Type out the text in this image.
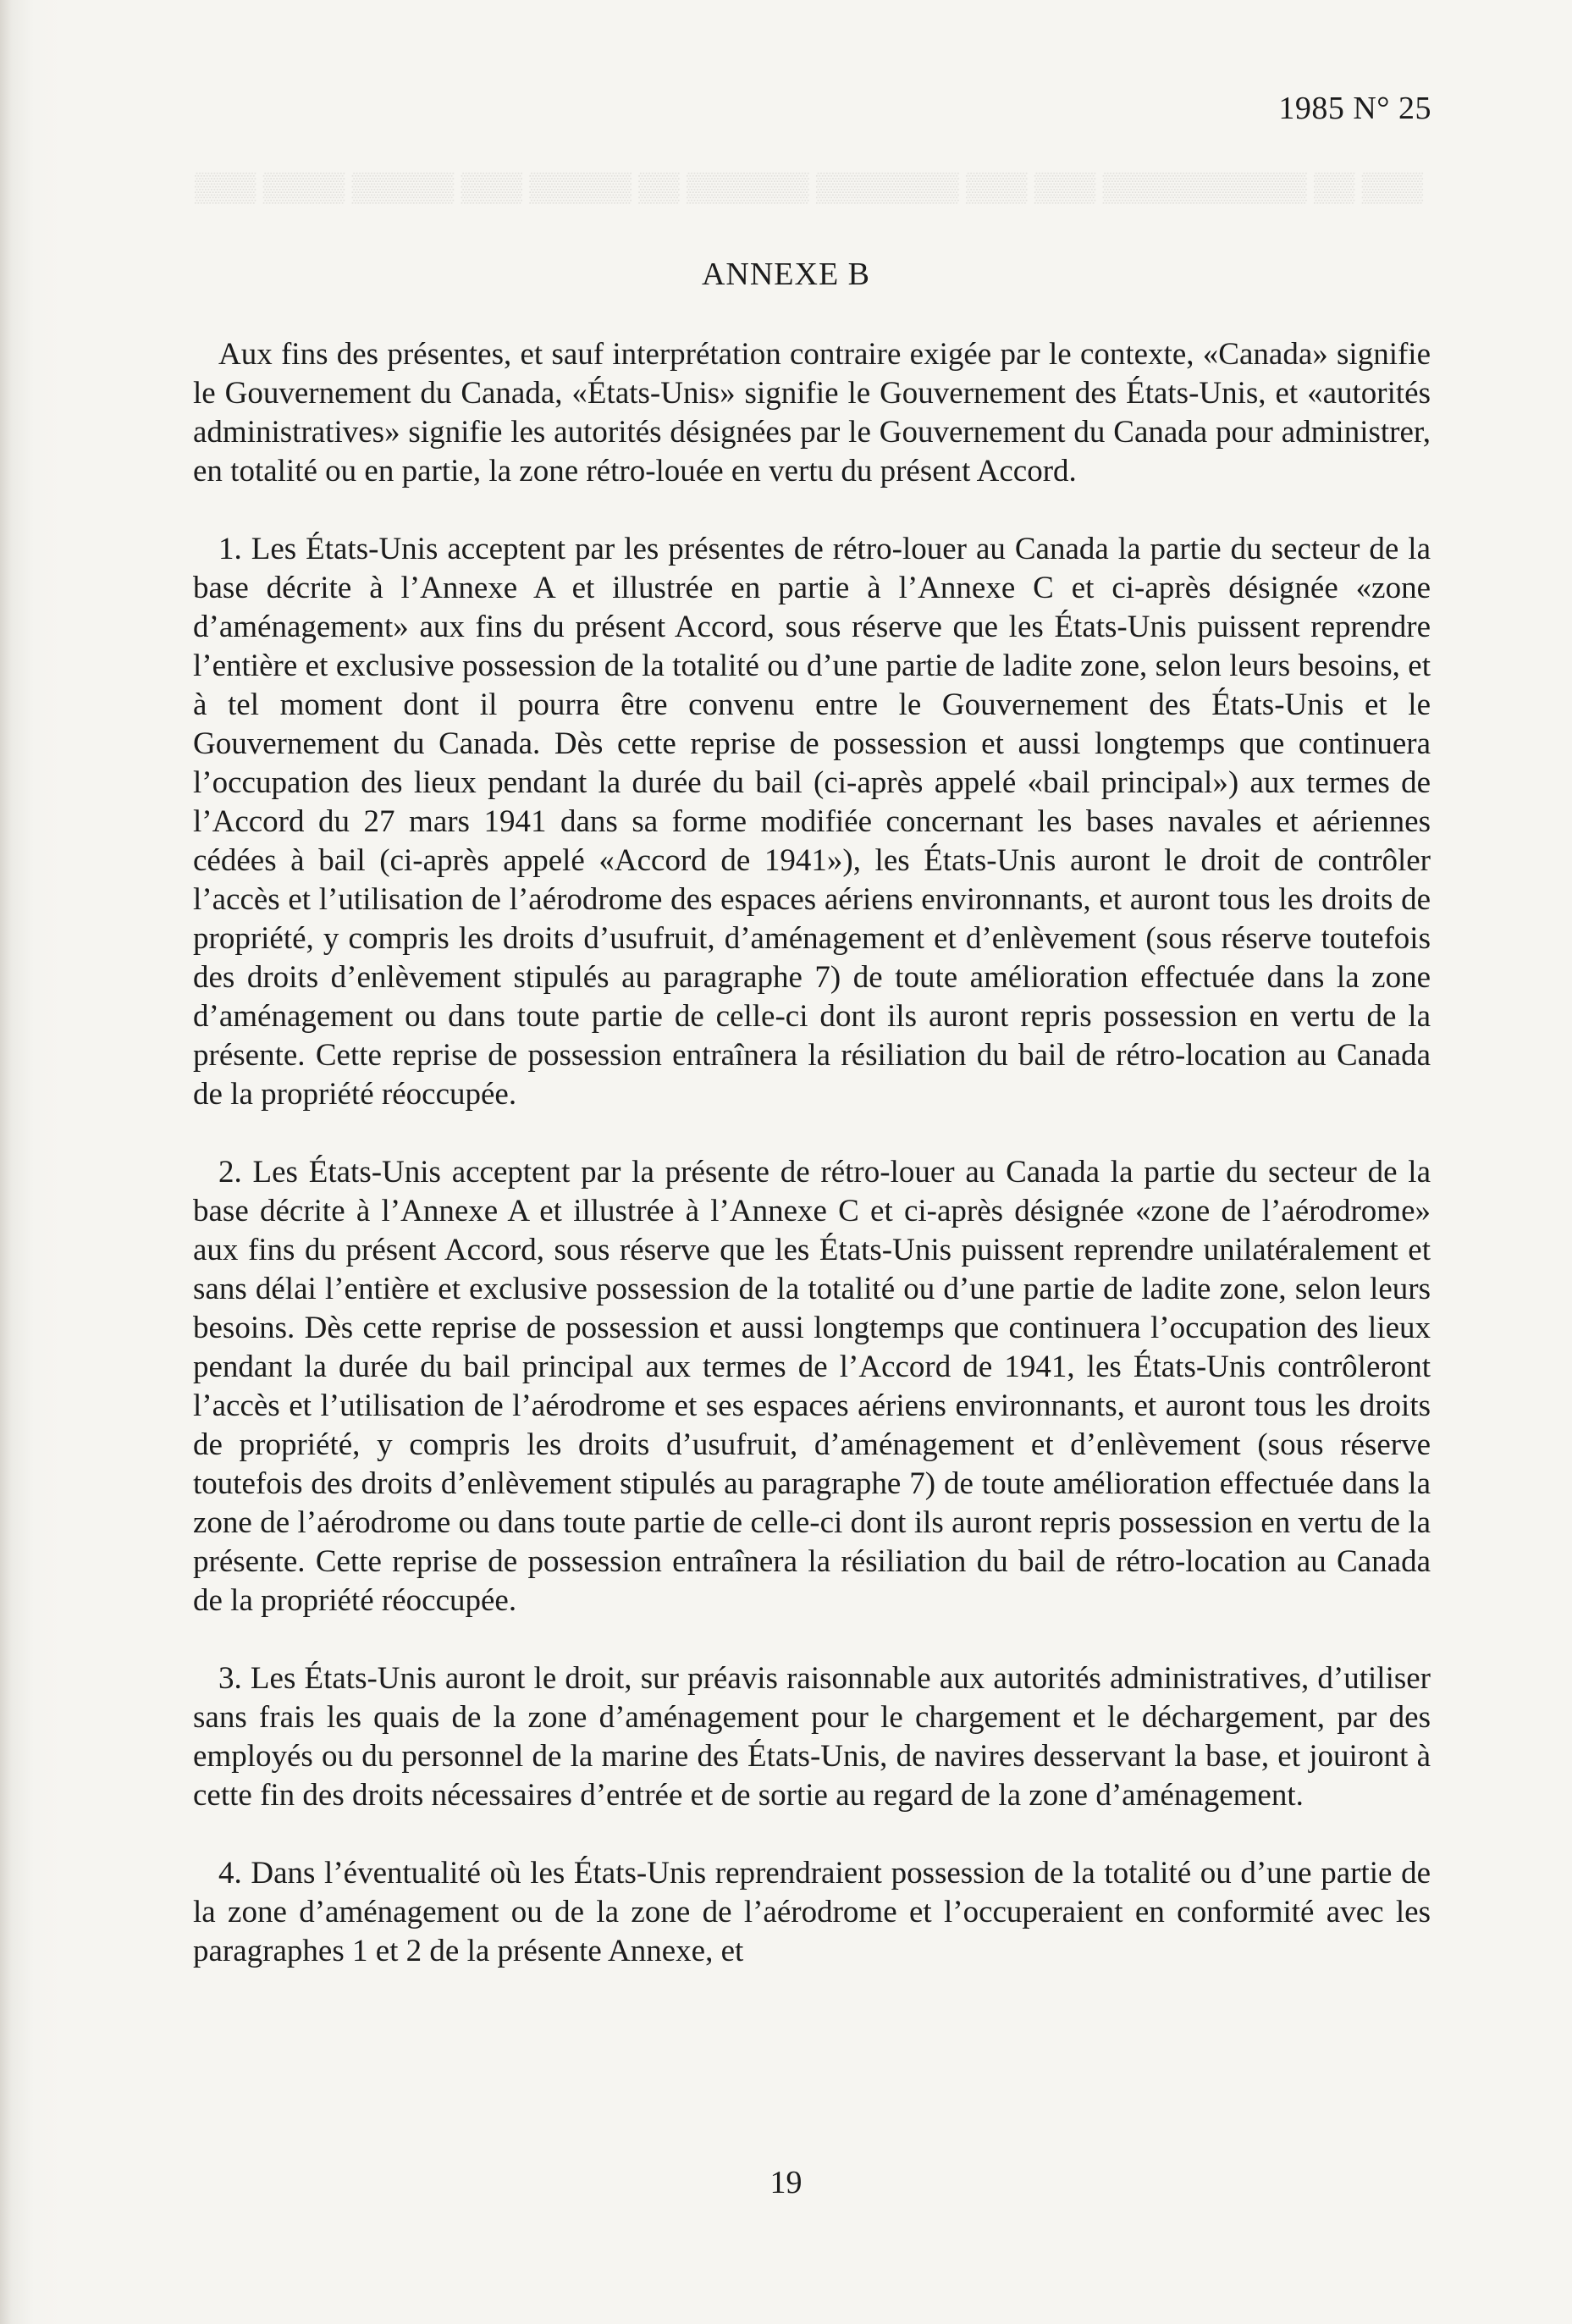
▒▒▒ ▒▒▒▒ ▒▒▒▒▒ ▒▒▒ ▒▒▒▒▒ ▒▒ ▒▒▒▒▒▒ ▒▒▒▒▒▒▒ ▒▒▒ ▒▒▒ ▒▒▒▒▒▒▒▒▒▒ ▒▒ ▒▒▒
1985 N° 25
ANNEXE B

Aux fins des présentes, et sauf interprétation contraire exigée par le contexte, «Canada» signifie le Gouvernement du Canada, «États-Unis» signifie le Gouvernement des États-Unis, et «autorités administratives» signifie les autorités désignées par le Gouvernement du Canada pour administrer, en totalité ou en partie, la zone rétro-louée en vertu du présent Accord.

1. Les États-Unis acceptent par les présentes de rétro-louer au Canada la partie du secteur de la base décrite à l’Annexe A et illustrée en partie à l’Annexe C et ci-après désignée «zone d’aménagement» aux fins du présent Accord, sous réserve que les États-Unis puissent reprendre l’entière et exclusive possession de la totalité ou d’une partie de ladite zone, selon leurs besoins, et à tel moment dont il pourra être convenu entre le Gouvernement des États-Unis et le Gouvernement du Canada. Dès cette reprise de possession et aussi longtemps que continuera l’occupation des lieux pendant la durée du bail (ci-après appelé «bail principal») aux termes de l’Accord du 27 mars 1941 dans sa forme modifiée concernant les bases navales et aériennes cédées à bail (ci-après appelé «Accord de 1941»), les États-Unis auront le droit de contrôler l’accès et l’utilisation de l’aérodrome des espaces aériens environnants, et auront tous les droits de propriété, y compris les droits d’usufruit, d’aménagement et d’enlèvement (sous réserve toutefois des droits d’enlèvement stipulés au paragraphe 7) de toute amélioration effectuée dans la zone d’aménagement ou dans toute partie de celle-ci dont ils auront repris possession en vertu de la présente. Cette reprise de possession entraînera la résiliation du bail de rétro-location au Canada de la propriété réoccupée.

2. Les États-Unis acceptent par la présente de rétro-louer au Canada la partie du secteur de la base décrite à l’Annexe A et illustrée à l’Annexe C et ci-après désignée «zone de l’aérodrome» aux fins du présent Accord, sous réserve que les États-Unis puissent reprendre unilatéralement et sans délai l’entière et exclusive possession de la totalité ou d’une partie de ladite zone, selon leurs besoins. Dès cette reprise de possession et aussi longtemps que continuera l’occupation des lieux pendant la durée du bail principal aux termes de l’Accord de 1941, les États-Unis contrôleront l’accès et l’utilisation de l’aérodrome et ses espaces aériens environnants, et auront tous les droits de propriété, y compris les droits d’usufruit, d’aménagement et d’enlèvement (sous réserve toutefois des droits d’enlèvement stipulés au paragraphe 7) de toute amélioration effectuée dans la zone de l’aérodrome ou dans toute partie de celle-ci dont ils auront repris possession en vertu de la présente. Cette reprise de possession entraînera la résiliation du bail de rétro-location au Canada de la propriété réoccupée.

3. Les États-Unis auront le droit, sur préavis raisonnable aux autorités administratives, d’utiliser sans frais les quais de la zone d’aménagement pour le chargement et le déchargement, par des employés ou du personnel de la marine des États-Unis, de navires desservant la base, et jouiront à cette fin des droits nécessaires d’entrée et de sortie au regard de la zone d’aménagement.

4. Dans l’éventualité où les États-Unis reprendraient possession de la totalité ou d’une partie de la zone d’aménagement ou de la zone de l’aérodrome et l’occuperaient en conformité avec les paragraphes 1 et 2 de la présente Annexe, et

19
